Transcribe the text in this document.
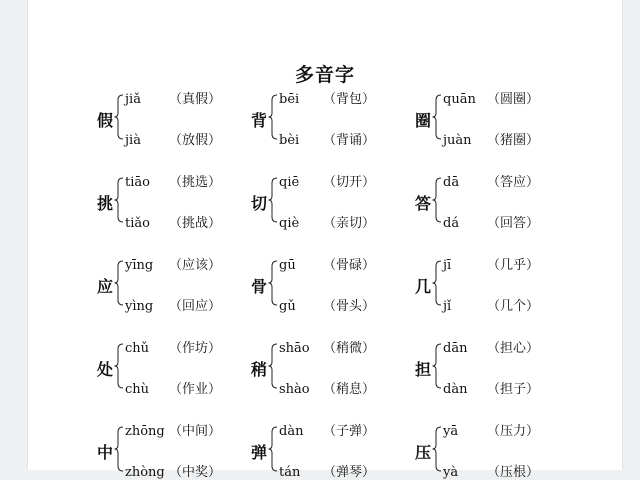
多音字
假
jiǎ （真假）
jià （放假）
背
bēi （背包）
bèi （背诵）
圈
quān （圆圈）
juàn （猪圈）
挑
tiāo （挑选）
tiǎo （挑战）
切
qiē （切开）
qiè （亲切）
答
dā （答应）
dá （回答）
应
yīng （应该）
yìng （回应）
骨
gū （骨碌）
gǔ （骨头）
几
jī	（几乎）
jǐ	（几个）
处
chǔ （作坊）
chù （作业）
稍
shāo （稍微）
shào （稍息）
担
dān （担心）
dàn （担子）
中
zhōng （中间）
zhòng （中奖）
弹
dàn （子弹）
tán （弹琴）
压
yā （压力）
yà （压根）
